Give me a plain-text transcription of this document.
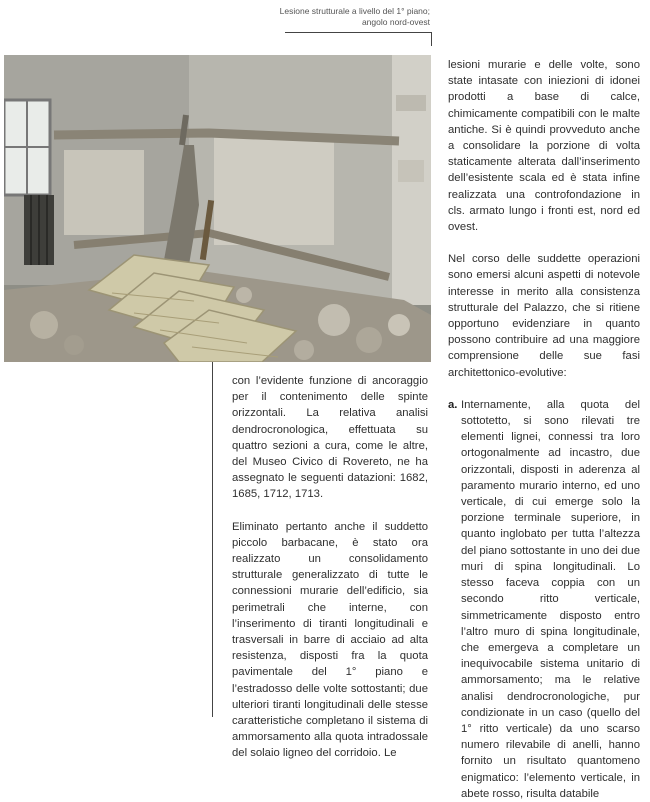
Lesione strutturale a livello del 1° piano;
angolo nord-ovest

con l’evidente funzione di ancoraggio per il contenimento delle spinte orizzontali. La relativa analisi dendrocronologica, effettuata su quattro sezioni a cura, come le altre, del Museo Civico di Rovereto, ne ha assegnato le seguenti datazioni: 1682, 1685, 1712, 1713.

Eliminato pertanto anche il suddetto piccolo barbacane, è stato ora realizzato un consolidamento strutturale generalizzato di tutte le connessioni murarie dell’edificio, sia perimetrali che interne, con l’inserimento di tiranti longitudinali e trasversali in barre di acciaio ad alta resistenza, disposti fra la quota pavimentale del 1° piano e l’estradosso delle volte sottostanti; due ulteriori tiranti longitudinali delle stesse caratteristiche completano il sistema di ammorsamento alla quota intradossale del solaio ligneo del corridoio. Le

lesioni murarie e delle volte, sono state intasate con iniezioni di idonei prodotti a base di calce, chimicamente compatibili con le malte antiche. Si è quindi provveduto anche a consolidare la porzione di volta staticamente alterata dall’inserimento dell’esistente scala ed è stata infine realizzata una controfondazione in cls. armato lungo i fronti est, nord ed ovest.

Nel corso delle suddette operazioni sono emersi alcuni aspetti di notevole interesse in merito alla consistenza strutturale del Palazzo, che si ritiene opportuno evidenziare in quanto possono contribuire ad una maggiore comprensione delle sue fasi architettonico-evolutive:

a. Internamente, alla quota del sottotetto, si sono rilevati tre elementi lignei, connessi tra loro ortogonalmente ad incastro, due orizzontali, disposti in aderenza al paramento murario interno, ed uno verticale, di cui emerge solo la porzione terminale superiore, in quanto inglobato per tutta l’altezza del piano sottostante in uno dei due muri di spina longitudinali. Lo stesso faceva coppia con un secondo ritto verticale, simmetricamente disposto entro l’altro muro di spina longitudinale, che emergeva a completare un inequivocabile sistema unitario di ammorsamento; ma le relative analisi dendrocronologiche, pur condizionate in un caso (quello del 1° ritto verticale) da uno scarso numero rilevabile di anelli, hanno fornito un risultato quantomeno enigmatico: l’elemento verticale, in abete rosso, risulta databile
